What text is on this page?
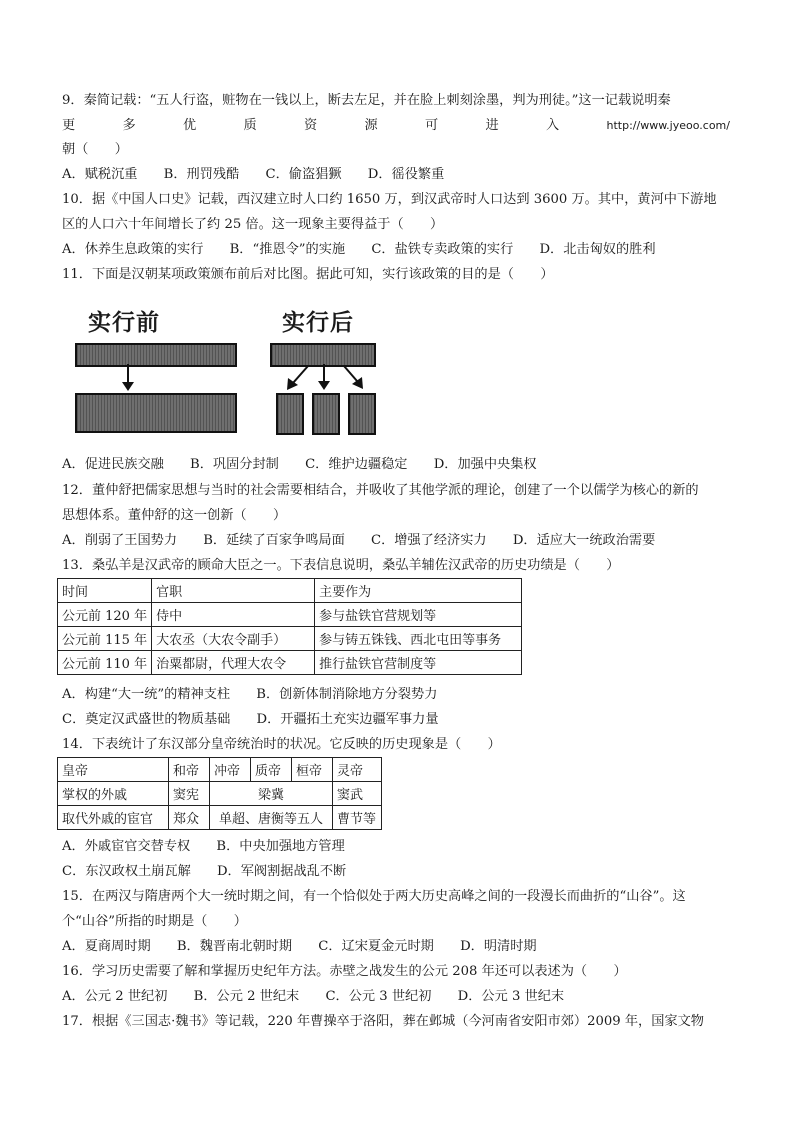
9．秦简记载：“五人行盗，赃物在一钱以上，断去左足，并在脸上刺刻涂墨，判为刑徒。”这一记载说明秦
更	多	优	质	资	源	可	进	入	http://www.jyeoo.com/
朝（　　）
A．赋税沉重 B．刑罚残酷 C．偷盗猖獗 D．徭役繁重
10．据《中国人口史》记载，西汉建立时人口约 1650 万，到汉武帝时人口达到 3600 万。其中，黄河中下游地
区的人口六十年间增长了约 25 倍。这一现象主要得益于（　　）
A．休养生息政策的实行 B．“推恩令”的实施 C．盐铁专卖政策的实行 D．北击匈奴的胜利
11．下面是汉朝某项政策颁布前后对比图。据此可知，实行该政策的目的是（　　）
实行前	实行后
A．促进民族交融 B．巩固分封制 C．维护边疆稳定 D．加强中央集权
12．董仲舒把儒家思想与当时的社会需要相结合，并吸收了其他学派的理论，创建了一个以儒学为核心的新的
思想体系。董仲舒的这一创新（　　）
A．削弱了王国势力 B．延续了百家争鸣局面 C．增强了经济实力 D．适应大一统政治需要
13．桑弘羊是汉武帝的顾命大臣之一。下表信息说明，桑弘羊辅佐汉武帝的历史功绩是（　　）
时间	官职	主要作为
公元前 120 年	侍中	参与盐铁官营规划等
公元前 115 年	大农丞（大农令副手）	参与铸五铢钱、西北屯田等事务
公元前 110 年	治粟都尉，代理大农令	推行盐铁官营制度等
A．构建“大一统”的精神支柱 B．创新体制消除地方分裂势力
C．奠定汉武盛世的物质基础 D．开疆拓土充实边疆军事力量
14．下表统计了东汉部分皇帝统治时的状况。它反映的历史现象是（　　）
皇帝	和帝	冲帝	质帝	桓帝	灵帝
掌权的外戚	窦宪	梁冀			窦武
取代外戚的宦官	郑众	单超、唐衡等五人			曹节等
A．外戚宦官交替专权 B．中央加强地方管理
C．东汉政权土崩瓦解 D．军阀割据战乱不断
15．在两汉与隋唐两个大一统时期之间，有一个恰似处于两大历史高峰之间的一段漫长而曲折的“山谷”。这
个“山谷”所指的时期是（　　）
A．夏商周时期 B．魏晋南北朝时期 C．辽宋夏金元时期 D．明清时期
16．学习历史需要了解和掌握历史纪年方法。赤壁之战发生的公元 208 年还可以表述为（　　）
A．公元 2 世纪初 B．公元 2 世纪末 C．公元 3 世纪初 D．公元 3 世纪末
17．根据《三国志·魏书》等记载，220 年曹操卒于洛阳，葬在邺城（今河南省安阳市郊）2009 年，国家文物
